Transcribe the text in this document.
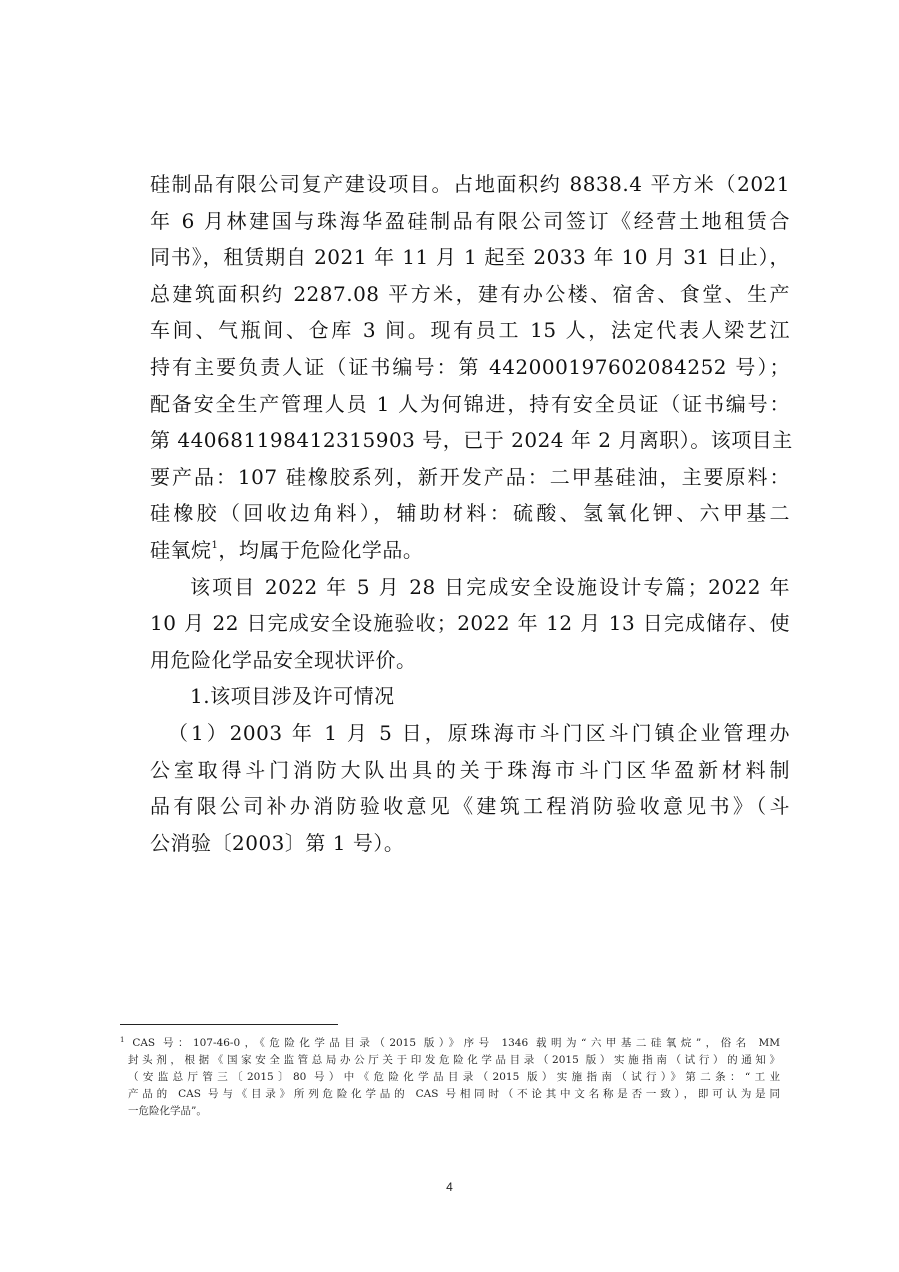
硅制品有限公司复产建设项目。占地面积约 8838.4 平方米（2021
年 6 月林建国与珠海华盈硅制品有限公司签订《经营土地租赁合
同书》，租赁期自 2021 年 11 月 1 起至 2033 年 10 月 31 日止），
总建筑面积约 2287.08 平方米，建有办公楼、宿舍、食堂、生产
车间、气瓶间、仓库 3 间。现有员工 15 人，法定代表人梁艺江
持有主要负责人证（证书编号：第 442000197602084252 号）；
配备安全生产管理人员 1 人为何锦进，持有安全员证（证书编号：
第 440681198412315903 号，已于 2024 年 2 月离职）。该项目主
要产品：107 硅橡胶系列，新开发产品：二甲基硅油，主要原料：
硅橡胶（回收边角料），辅助材料：硫酸、氢氧化钾、六甲基二
硅氧烷$^1$，均属于危险化学品。
该项目 2022 年 5 月 28 日完成安全设施设计专篇；2022 年
10 月 22 日完成安全设施验收；2022 年 12 月 13 日完成储存、使
用危险化学品安全现状评价。
1.该项目涉及许可情况
（1）2003 年 1 月 5 日，原珠海市斗门区斗门镇企业管理办
公室取得斗门消防大队出具的关于珠海市斗门区华盈新材料制
品有限公司补办消防验收意见《建筑工程消防验收意见书》（斗
公消验〔2003〕第 1 号）。
$^1$ CAS 号：107-46-0，《危险化学品目录（2015 版）》序号 1346 载明为“六甲基二硅氧烷”，俗名 MM
封头剂，根据《国家安全监管总局办公厅关于印发危险化学品目录（2015 版）实施指南（试行）的通知》
（安监总厅管三〔2015〕80 号）中《危险化学品目录（2015 版）实施指南（试行）》第二条：“工业
产品的 CAS 号与《目录》所列危险化学品的 CAS 号相同时（不论其中文名称是否一致），即可认为是同
一危险化学品”。
4
